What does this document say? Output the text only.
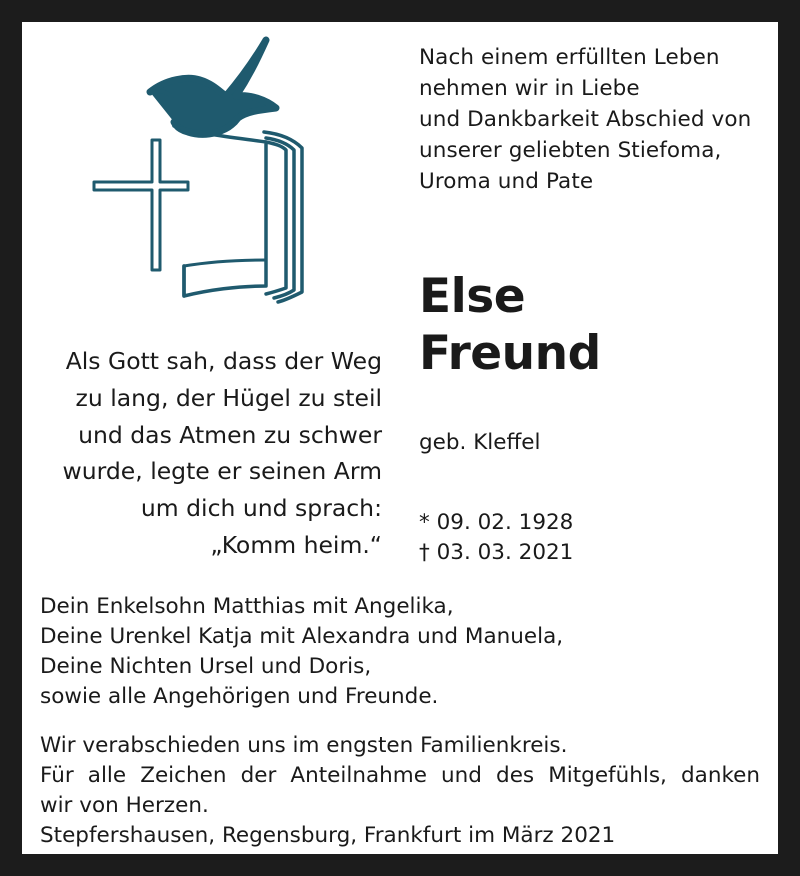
Nach einem erfüllten Leben
nehmen wir in Liebe
und Dankbarkeit Abschied von
unserer geliebten Stiefoma,
Uroma und Pate
Else
Freund
geb. Kleffel
* 09. 02. 1928
† 03. 03. 2021
Als Gott sah, dass der Weg
zu lang, der Hügel zu steil
und das Atmen zu schwer
wurde, legte er seinen Arm
um dich und sprach:
„Komm heim.“
Dein Enkelsohn Matthias mit Angelika,
Deine Urenkel Katja mit Alexandra und Manuela,
Deine Nichten Ursel und Doris,
sowie alle Angehörigen und Freunde.
Wir verabschieden uns im engsten Familienkreis.
Für alle Zeichen der Anteilnahme und des Mitgefühls, danken
wir von Herzen.
Stepfershausen, Regensburg, Frankfurt im März 2021
